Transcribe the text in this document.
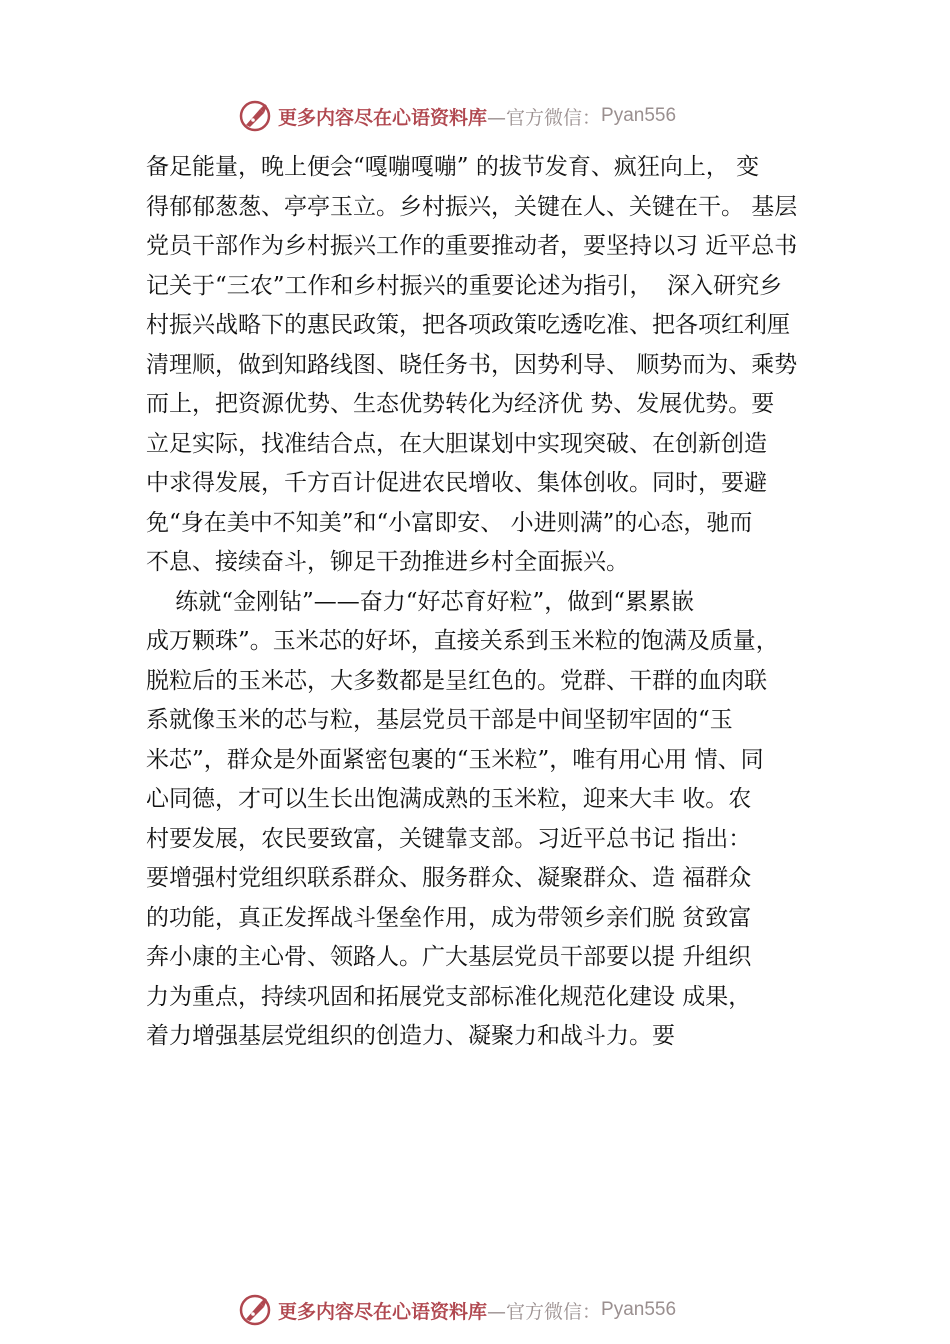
更多内容尽在心语资料库 —官方微信： Pyan556
备足能量，晚上便会“嘎嘣嘎嘣” 的拔节发育、疯狂向上， 变
得郁郁葱葱、亭亭玉立。乡村振兴，关键在人、关键在干。 基层
党员干部作为乡村振兴工作的重要推动者，要坚持以习 近平总书
记关于“三农”工作和乡村振兴的重要论述为指引，  深入研究乡
村振兴战略下的惠民政策，把各项政策吃透吃准、把各项红利厘
清理顺，做到知路线图、晓任务书，因势利导、 顺势而为、乘势
而上，把资源优势、生态优势转化为经济优 势、发展优势。要
立足实际，找准结合点，在大胆谋划中实现突破、在创新创造
中求得发展，千方百计促进农民增收、集体创收。同时，要避
免“身在美中不知美”和“小富即安、 小进则满”的心态，驰而
不息、接续奋斗，铆足干劲推进乡村全面振兴。
练就“金刚钻”——奋力“好芯育好粒”，做到“累累嵌
成万颗珠”。玉米芯的好坏，直接关系到玉米粒的饱满及质量，
脱粒后的玉米芯，大多数都是呈红色的。党群、干群的血肉联
系就像玉米的芯与粒，基层党员干部是中间坚韧牢固的“玉
米芯”，群众是外面紧密包裹的“玉米粒”，唯有用心用 情、同
心同德，才可以生长出饱满成熟的玉米粒，迎来大丰 收。农
村要发展，农民要致富，关键靠支部。习近平总书记 指出：
要增强村党组织联系群众、服务群众、凝聚群众、造 福群众
的功能，真正发挥战斗堡垒作用，成为带领乡亲们脱 贫致富
奔小康的主心骨、领路人。广大基层党员干部要以提 升组织
力为重点，持续巩固和拓展党支部标准化规范化建设 成果，
着力增强基层党组织的创造力、凝聚力和战斗力。要
更多内容尽在心语资料库 —官方微信： Pyan556
